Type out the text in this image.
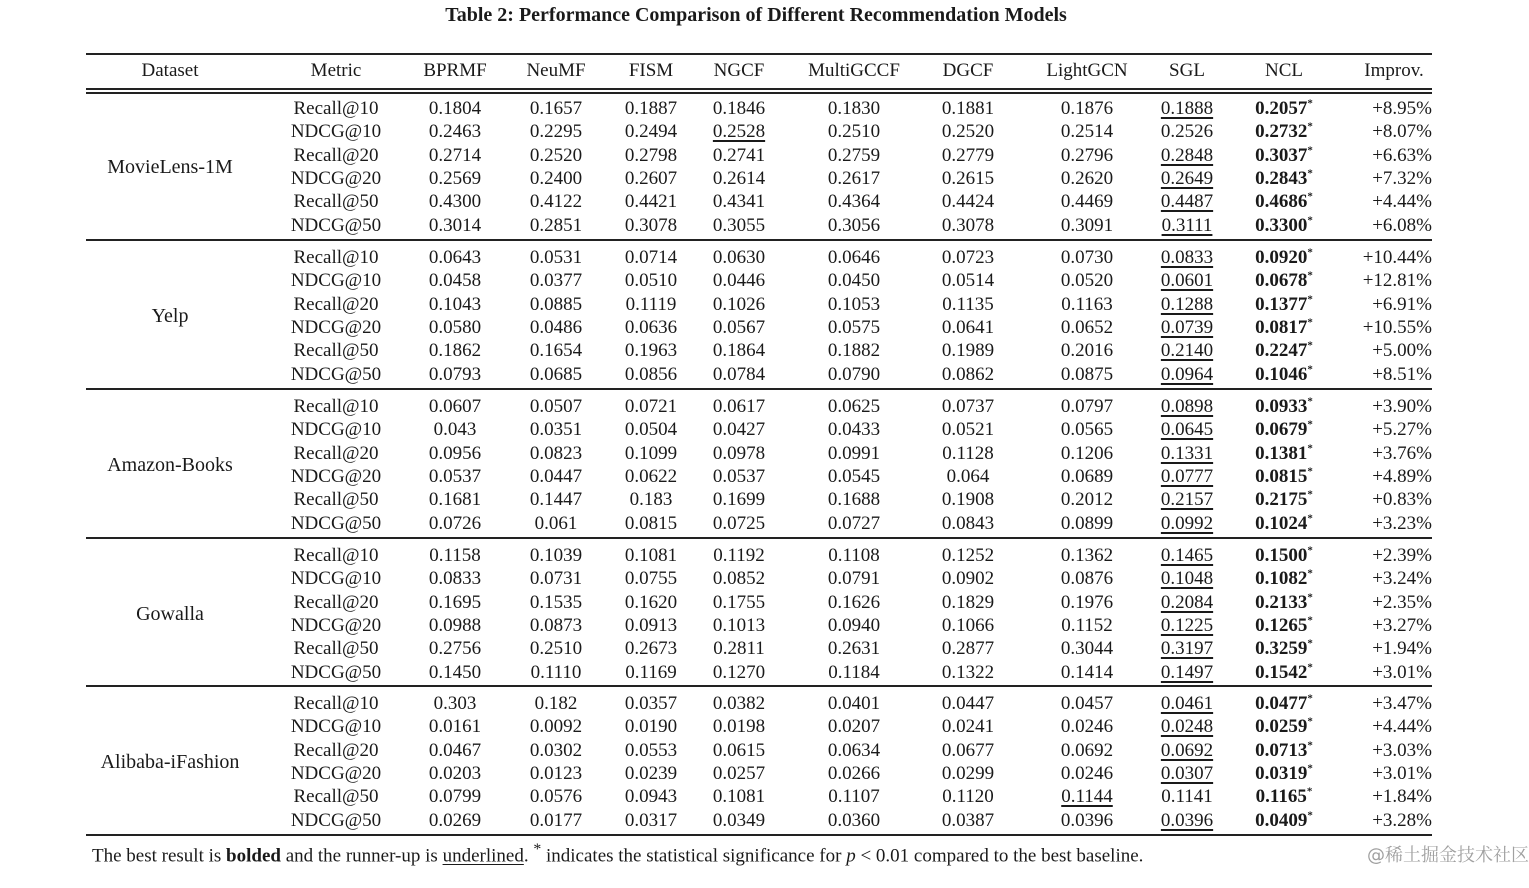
Table 2: Performance Comparison of Different Recommendation Models
Dataset	Metric	BPRMF NeuMF FISM NGCF MultiGCCF DGCF	LightGCN SGL	NCL	Improv.
MovieLens-1M
Recall@10	0.1804	0.1657 0.1887 0.1846	0.1830	0.1881	0.1876	0.1888 0.2057*	+8.95%
NDCG@10	0.2463	0.2295 0.2494 0.2528	0.2510	0.2520	0.2514	0.2526 0.2732*	+8.07%
Recall@20	0.2714	0.2520 0.2798 0.2741	0.2759	0.2779	0.2796	0.2848 0.3037*	+6.63%
NDCG@20	0.2569	0.2400 0.2607 0.2614	0.2617	0.2615	0.2620	0.2649 0.2843*	+7.32%
Recall@50	0.4300	0.4122 0.4421 0.4341	0.4364	0.4424	0.4469	0.4487 0.4686*	+4.44%
NDCG@50	0.3014	0.2851 0.3078 0.3055	0.3056	0.3078	0.3091	0.3111 0.3300*	+6.08%
Yelp
Recall@10	0.0643	0.0531 0.0714 0.0630	0.0646	0.0723	0.0730	0.0833 0.0920*	+10.44%
NDCG@10	0.0458	0.0377 0.0510 0.0446	0.0450	0.0514	0.0520	0.0601 0.0678*	+12.81%
Recall@20	0.1043	0.0885 0.1119 0.1026	0.1053	0.1135	0.1163	0.1288 0.1377*	+6.91%
NDCG@20	0.0580	0.0486 0.0636 0.0567	0.0575	0.0641	0.0652	0.0739 0.0817*	+10.55%
Recall@50	0.1862	0.1654 0.1963 0.1864	0.1882	0.1989	0.2016	0.2140 0.2247*	+5.00%
NDCG@50	0.0793	0.0685 0.0856 0.0784	0.0790	0.0862	0.0875	0.0964 0.1046*	+8.51%
Amazon-Books
Recall@10	0.0607	0.0507 0.0721 0.0617	0.0625	0.0737	0.0797	0.0898 0.0933*	+3.90%
NDCG@10	0.043	0.0351 0.0504 0.0427	0.0433	0.0521	0.0565	0.0645 0.0679*	+5.27%
Recall@20	0.0956	0.0823 0.1099 0.0978	0.0991	0.1128	0.1206	0.1331 0.1381*	+3.76%
NDCG@20	0.0537	0.0447 0.0622 0.0537	0.0545	0.064	0.0689	0.0777 0.0815*	+4.89%
Recall@50	0.1681	0.1447	0.183 0.1699	0.1688	0.1908	0.2012	0.2157 0.2175*	+0.83%
NDCG@50	0.0726	0.061	0.0815 0.0725	0.0727	0.0843	0.0899	0.0992 0.1024*	+3.23%
Gowalla
Recall@10	0.1158	0.1039 0.1081 0.1192	0.1108	0.1252	0.1362	0.1465 0.1500*	+2.39%
NDCG@10	0.0833	0.0731 0.0755 0.0852	0.0791	0.0902	0.0876	0.1048 0.1082*	+3.24%
Recall@20	0.1695	0.1535 0.1620 0.1755	0.1626	0.1829	0.1976	0.2084 0.2133*	+2.35%
NDCG@20	0.0988	0.0873 0.0913 0.1013	0.0940	0.1066	0.1152	0.1225 0.1265*	+3.27%
Recall@50	0.2756	0.2510 0.2673 0.2811	0.2631	0.2877	0.3044	0.3197 0.3259*	+1.94%
NDCG@50	0.1450	0.1110 0.1169 0.1270	0.1184	0.1322	0.1414	0.1497 0.1542*	+3.01%
Alibaba-iFashion
Recall@10	0.303	0.182	0.0357 0.0382	0.0401	0.0447	0.0457	0.0461 0.0477*	+3.47%
NDCG@10	0.0161	0.0092 0.0190 0.0198	0.0207	0.0241	0.0246	0.0248 0.0259*	+4.44%
Recall@20	0.0467	0.0302 0.0553 0.0615	0.0634	0.0677	0.0692	0.0692 0.0713*	+3.03%
NDCG@20	0.0203	0.0123 0.0239 0.0257	0.0266	0.0299	0.0246	0.0307 0.0319*	+3.01%
Recall@50	0.0799	0.0576 0.0943 0.1081	0.1107	0.1120	0.1144	0.1141 0.1165*	+1.84%
NDCG@50	0.0269	0.0177 0.0317 0.0349	0.0360	0.0387	0.0396	0.0396 0.0409*	+3.28%
The best result is bolded and the runner-up is underlined. * indicates the statistical significance for p < 0.01 compared to the best baseline.	@稀土掘金技术社区
